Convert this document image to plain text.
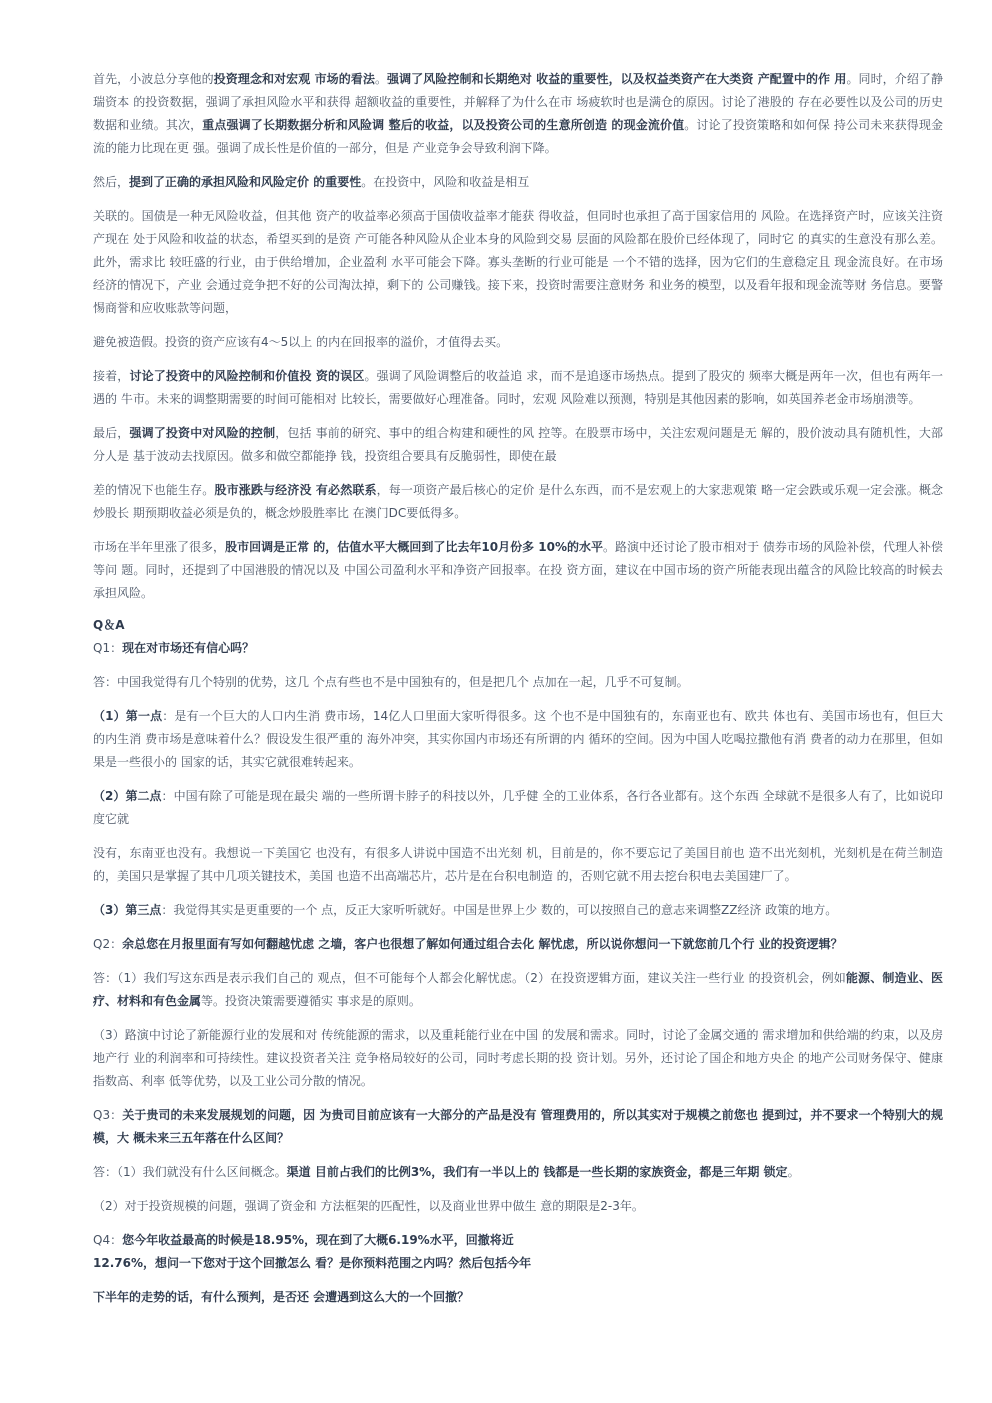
首先，小波总分享他的投资理念和对宏观 市场的看法。强调了风险控制和长期绝对 收益的重要性，以及权益类资产在大类资 产配置中的作 用。同时，介绍了静瑞资本 的投资数据，强调了承担风险水平和获得 超额收益的重要性，并解释了为什么在市 场疲软时也是满仓的原因。讨论了港股的 存在必要性以及公司的历史数据和业绩。其次，重点强调了长期数据分析和风险调 整后的收益，以及投资公司的生意所创造 的现金流价值。讨论了投资策略和如何保 持公司未来获得现金流的能力比现在更 强。强调了成长性是价值的一部分，但是 产业竞争会导致利润下降。

然后，提到了正确的承担风险和风险定价 的重要性。在投资中，风险和收益是相互

关联的。国债是一种无风险收益，但其他 资产的收益率必须高于国债收益率才能获 得收益，但同时也承担了高于国家信用的 风险。在选择资产时，应该关注资产现在 处于风险和收益的状态，希望买到的是资 产可能各种风险从企业本身的风险到交易 层面的风险都在股价已经体现了，同时它 的真实的生意没有那么差。此外，需求比 较旺盛的行业，由于供给增加，企业盈利 水平可能会下降。寡头垄断的行业可能是 一个不错的选择，因为它们的生意稳定且 现金流良好。在市场经济的情况下，产业 会通过竞争把不好的公司淘汰掉，剩下的 公司赚钱。接下来，投资时需要注意财务 和业务的模型，以及看年报和现金流等财 务信息。要警惕商誉和应收账款等问题，

避免被造假。投资的资产应该有4～5以上 的内在回报率的溢价，才值得去买。

接着，讨论了投资中的风险控制和价值投 资的误区。强调了风险调整后的收益追 求，而不是追逐市场热点。提到了股灾的 频率大概是两年一次，但也有两年一遇的 牛市。未来的调整期需要的时间可能相对 比较长，需要做好心理准备。同时，宏观 风险难以预测，特别是其他因素的影响，如英国养老金市场崩溃等。

最后，强调了投资中对风险的控制，包括 事前的研究、事中的组合构建和硬性的风 控等。在股票市场中，关注宏观问题是无 解的，股价波动具有随机性，大部分人是 基于波动去找原因。做多和做空都能挣 钱，投资组合要具有反脆弱性，即使在最

差的情况下也能生存。股市涨跌与经济没 有必然联系，每一项资产最后核心的定价 是什么东西，而不是宏观上的大家悲观策 略一定会跌或乐观一定会涨。概念炒股长 期预期收益必须是负的，概念炒股胜率比 在澳门DC要低得多。

市场在半年里涨了很多，股市回调是正常 的，估值水平大概回到了比去年10月份多 10%的水平。路演中还讨论了股市相对于 债券市场的风险补偿，代理人补偿等问 题。同时，还提到了中国港股的情况以及 中国公司盈利水平和净资产回报率。在投 资方面，建议在中国市场的资产所能表现出蕴含的风险比较高的时候去承担风险。

Q＆A

Q1：现在对市场还有信心吗？

答：中国我觉得有几个特别的优势，这几 个点有些也不是中国独有的，但是把几个 点加在一起，几乎不可复制。

（1）第一点：是有一个巨大的人口内生消 费市场，14亿人口里面大家听得很多。这 个也不是中国独有的，东南亚也有、欧共 体也有、美国市场也有，但巨大的内生消 费市场是意味着什么？假设发生很严重的 海外冲突，其实你国内市场还有所谓的内 循环的空间。因为中国人吃喝拉撒他有消 费者的动力在那里，但如果是一些很小的 国家的话，其实它就很难转起来。

（2）第二点：中国有除了可能是现在最尖 端的一些所谓卡脖子的科技以外，几乎健 全的工业体系，各行各业都有。这个东西 全球就不是很多人有了，比如说印度它就

没有，东南亚也没有。我想说一下美国它 也没有，有很多人讲说中国造不出光刻 机，目前是的，你不要忘记了美国目前也 造不出光刻机，光刻机是在荷兰制造的，美国只是掌握了其中几项关键技术，美国 也造不出高端芯片，芯片是在台积电制造 的，否则它就不用去挖台积电去美国建厂了。

（3）第三点：我觉得其实是更重要的一个 点，反正大家听听就好。中国是世界上少 数的，可以按照自己的意志来调整ZZ经济 政策的地方。

Q2：余总您在月报里面有写如何翻越忧虑 之墙，客户也很想了解如何通过组合去化 解忧虑，所以说你想问一下就您前几个行 业的投资逻辑？

答：（1）我们写这东西是表示我们自己的 观点，但不可能每个人都会化解忧虑。（2）在投资逻辑方面，建议关注一些行业 的投资机会，例如能源、制造业、医疗、材料和有色金属等。投资决策需要遵循实 事求是的原则。

（3）路演中讨论了新能源行业的发展和对 传统能源的需求，以及重耗能行业在中国 的发展和需求。同时，讨论了金属交通的 需求增加和供给端的约束，以及房地产行 业的利润率和可持续性。建议投资者关注 竞争格局较好的公司，同时考虑长期的投 资计划。另外，还讨论了国企和地方央企 的地产公司财务保守、健康指数高、利率 低等优势，以及工业公司分散的情况。

Q3：关于贵司的未来发展规划的问题，因 为贵司目前应该有一大部分的产品是没有 管理费用的，所以其实对于规模之前您也 提到过，并不要求一个特别大的规模，大 概未来三五年落在什么区间？

答：（1）我们就没有什么区间概念。渠道 目前占我们的比例3%，我们有一半以上的 钱都是一些长期的家族资金，都是三年期 锁定。

（2）对于投资规模的问题，强调了资金和 方法框架的匹配性，以及商业世界中做生 意的期限是2-3年。

Q4：您今年收益最高的时候是18.95%，现在到了大概6.19%水平，回撤将近

12.76%，想问一下您对于这个回撤怎么 看？是你预料范围之内吗？然后包括今年

下半年的走势的话，有什么预判，是否还 会遭遇到这么大的一个回撤？
